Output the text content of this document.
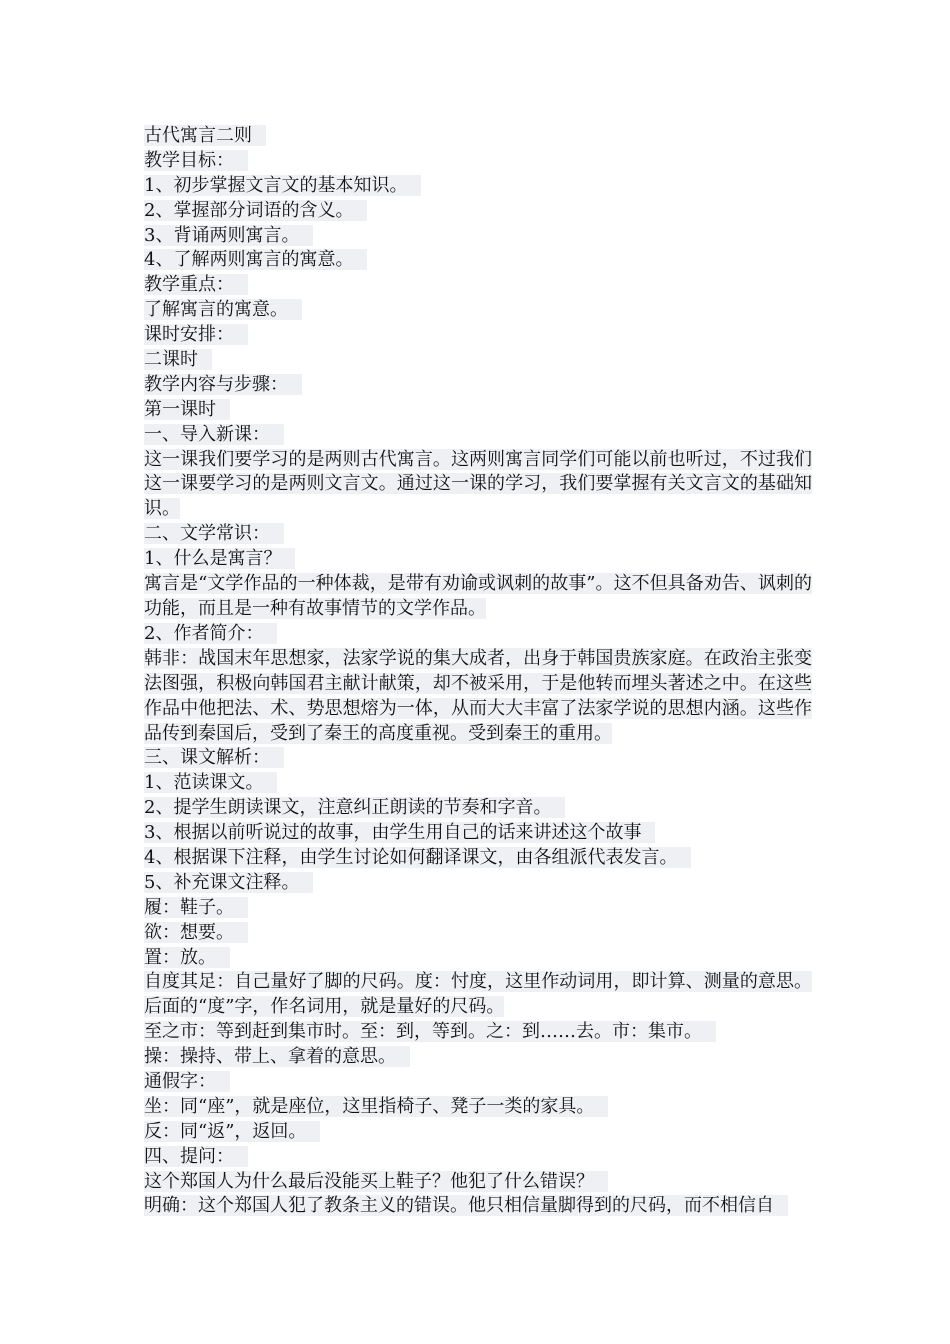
古代寓言二则
教学目标：
1、初步掌握文言文的基本知识。
2、掌握部分词语的含义。
3、背诵两则寓言。
4、了解两则寓言的寓意。
教学重点：
了解寓言的寓意。
课时安排：
二课时
教学内容与步骤：
第一课时
一、导入新课：
这一课我们要学习的是两则古代寓言。这两则寓言同学们可能以前也听过，不过我们这一课要学习的是两则文言文。通过这一课的学习，我们要掌握有关文言文的基础知识。
二、文学常识：
1、什么是寓言？
寓言是“文学作品的一种体裁，是带有劝谕或讽刺的故事”。这不但具备劝告、讽刺的功能，而且是一种有故事情节的文学作品。
2、作者简介：
韩非：战国末年思想家，法家学说的集大成者，出身于韩国贵族家庭。在政治主张变法图强，积极向韩国君主献计献策，却不被采用，于是他转而埋头著述之中。在这些作品中他把法、术、势思想熔为一体，从而大大丰富了法家学说的思想内涵。这些作品传到秦国后，受到了秦王的高度重视。受到秦王的重用。
三、课文解析：
1、范读课文。
2、提学生朗读课文，注意纠正朗读的节奏和字音。
3、根据以前听说过的故事，由学生用自己的话来讲述这个故事
4、根据课下注释，由学生讨论如何翻译课文，由各组派代表发言。
5、补充课文注释。
履：鞋子。
欲：想要。
置：放。
自度其足：自己量好了脚的尺码。度：忖度，这里作动词用，即计算、测量的意思。后面的“度”字，作名词用，就是量好的尺码。
至之市：等到赶到集市时。至：到，等到。之：到……去。市：集市。
操：操持、带上、拿着的意思。
通假字：
坐：同“座”，就是座位，这里指椅子、凳子一类的家具。
反：同“返”，返回。
四、提问：
这个郑国人为什么最后没能买上鞋子？他犯了什么错误？
明确：这个郑国人犯了教条主义的错误。他只相信量脚得到的尺码，而不相信自
